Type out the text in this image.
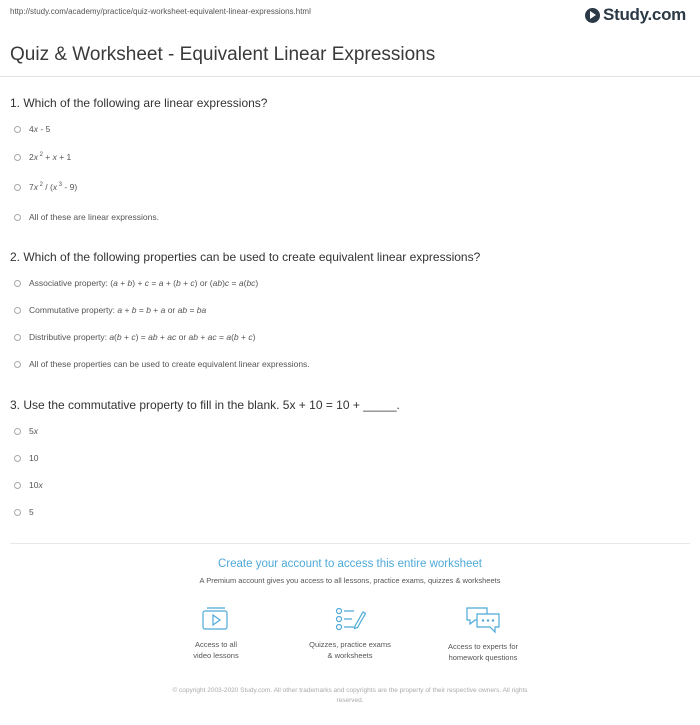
http://study.com/academy/practice/quiz-worksheet-equivalent-linear-expressions.html	Study.com
Quiz & Worksheet - Equivalent Linear Expressions
1. Which of the following are linear expressions?
4x - 5
2x $^2$ + x + 1
7x $^2$ / (x $^3$ - 9)
All of these are linear expressions.
2. Which of the following properties can be used to create equivalent linear expressions?
Associative property: (a + b) + c = a + (b + c) or (ab)c = a(bc)
Commutative property: a + b = b + a or ab = ba
Distributive property: a(b + c) = ab + ac or ab + ac = a(b + c)
All of these properties can be used to create equivalent linear expressions.
3. Use the commutative property to fill in the blank. 5x + 10 = 10 + _____.
5x
10
10x
5
Create your account to access this entire worksheet
A Premium account gives you access to all lessons, practice exams, quizzes & worksheets
Access to all
video lessons
Quizzes, practice exams
& worksheets
Access to experts for
homework questions
© copyright 2003-2020 Study.com. All other trademarks and copyrights are the property of their respective owners. All rights
reserved.
